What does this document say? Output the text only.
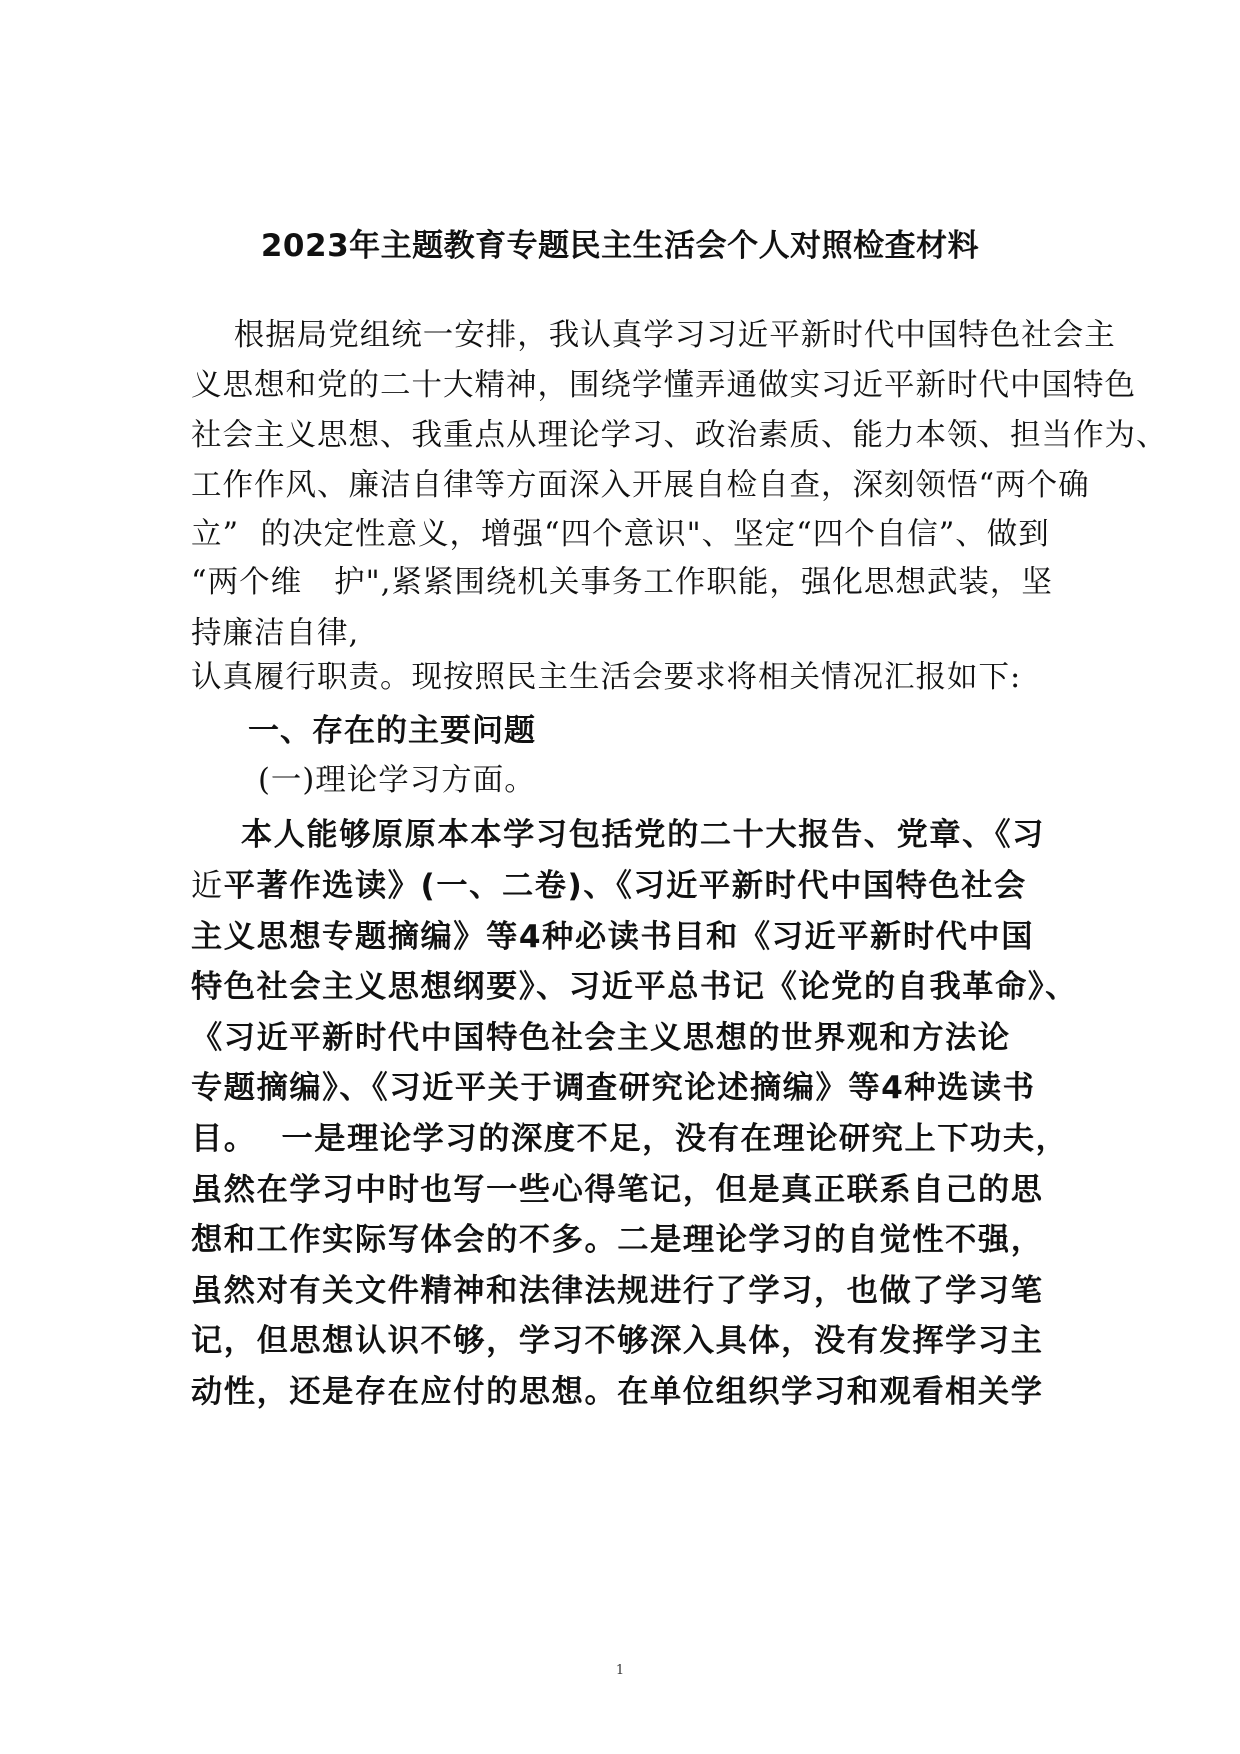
2023年主题教育专题民主生活会个人对照检查材料
根据局党组统一安排，我认真学习习近平新时代中国特色社会主
义思想和党的二十大精神，围绕学懂弄通做实习近平新时代中国特色
社会主义思想、我重点从理论学习、政治素质、能力本领、担当作为、
工作作风、廉洁自律等方面深入开展自检自查，深刻领悟“两个确
立”  的决定性意义，增强“四个意识"、坚定“四个自信”、做到
“两个维   护",紧紧围绕机关事务工作职能，强化思想武装，坚
持廉洁自律,
认真履行职责。现按照民主生活会要求将相关情况汇报如下:
一、存在的主要问题
(一)理论学习方面。
本人能够原原本本学习包括党的二十大报告、党章、《习
近平著作选读》(一、二卷)、《习近平新时代中国特色社会
主义思想专题摘编》等4种必读书目和《习近平新时代中国
特色社会主义思想纲要》、习近平总书记《论党的自我革命》、
《习近平新时代中国特色社会主义思想的世界观和方法论
专题摘编》、《习近平关于调查研究论述摘编》等4种选读书
目。  一是理论学习的深度不足，没有在理论研究上下功夫，
虽然在学习中时也写一些心得笔记，但是真正联系自己的思
想和工作实际写体会的不多。二是理论学习的自觉性不强，
虽然对有关文件精神和法律法规进行了学习，也做了学习笔
记，但思想认识不够，学习不够深入具体，没有发挥学习主
动性，还是存在应付的思想。在单位组织学习和观看相关学
1
